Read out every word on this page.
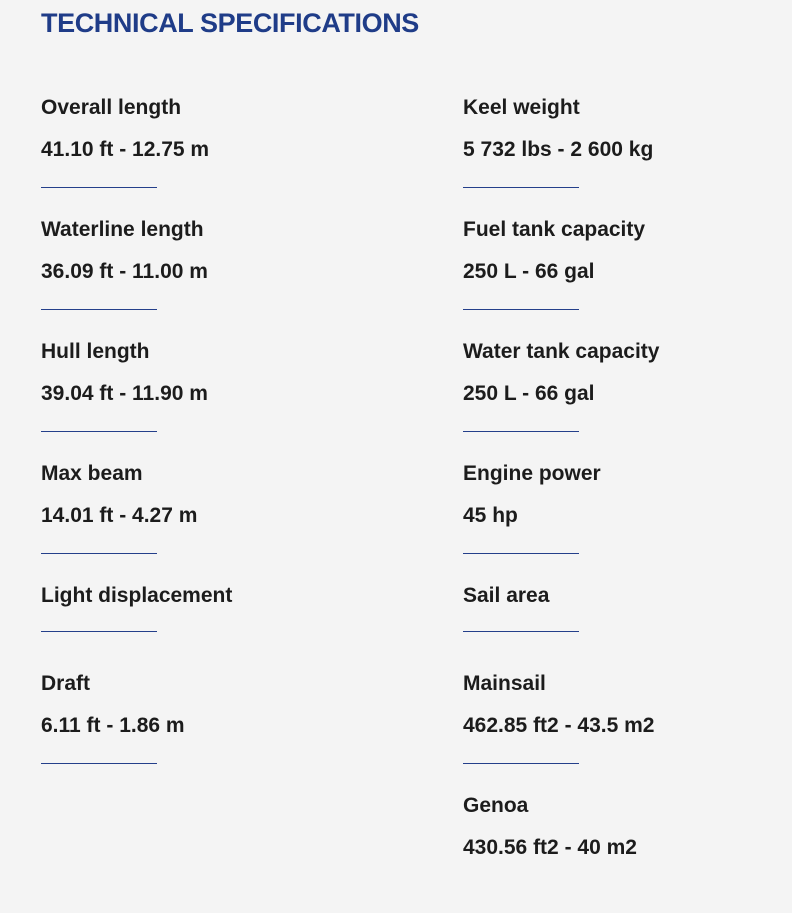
TECHNICAL SPECIFICATIONS
Overall length
41.10 ft - 12.75 m
Waterline length
36.09 ft - 11.00 m
Hull length
39.04 ft - 11.90 m
Max beam
14.01 ft - 4.27 m
Light displacement
Draft
6.11 ft - 1.86 m
Keel weight
5 732 lbs - 2 600 kg
Fuel tank capacity
250 L - 66 gal
Water tank capacity
250 L - 66 gal
Engine power
45 hp
Sail area
Mainsail
462.85 ft2 - 43.5 m2
Genoa
430.56 ft2 - 40 m2
